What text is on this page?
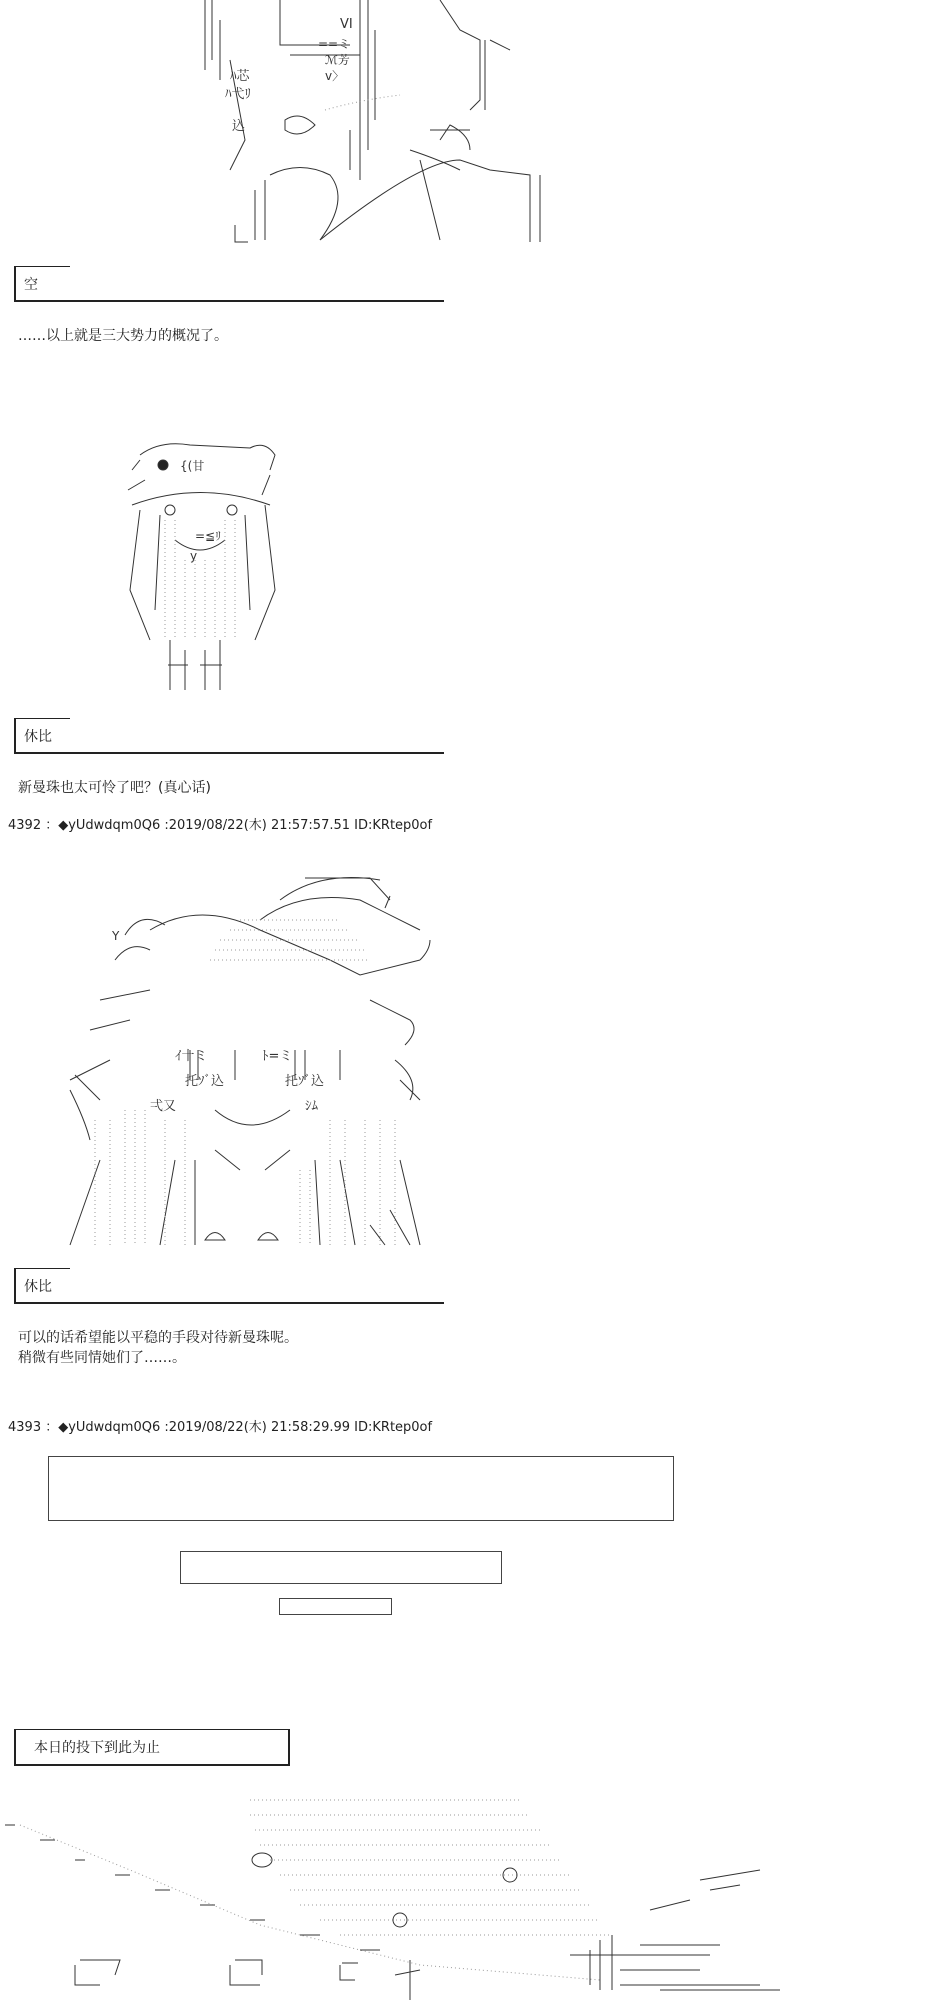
VI
==ミ
ℳ芳
v〉
ﾊ芯
ﾊ弋ﾘ
込
{(甘
=≦ﾘ
y
Y
ｲ十ミ	ﾄ=ミ
托ｿﾞ込	托ｿﾞ込
弌又	ｼﾑ
空
……以上就是三大势力的概况了。
休比
新曼珠也太可怜了吧？(真心话)
4392 ：◆yUdwdqm0Q6 :2019/08/22(木) 21:57:57.51 ID:KRtep0of
休比
可以的话希望能以平稳的手段对待新曼珠呢。
稍微有些同情她们了……。
4393 ：◆yUdwdqm0Q6 :2019/08/22(木) 21:58:29.99 ID:KRtep0of
本日的投下到此为止
